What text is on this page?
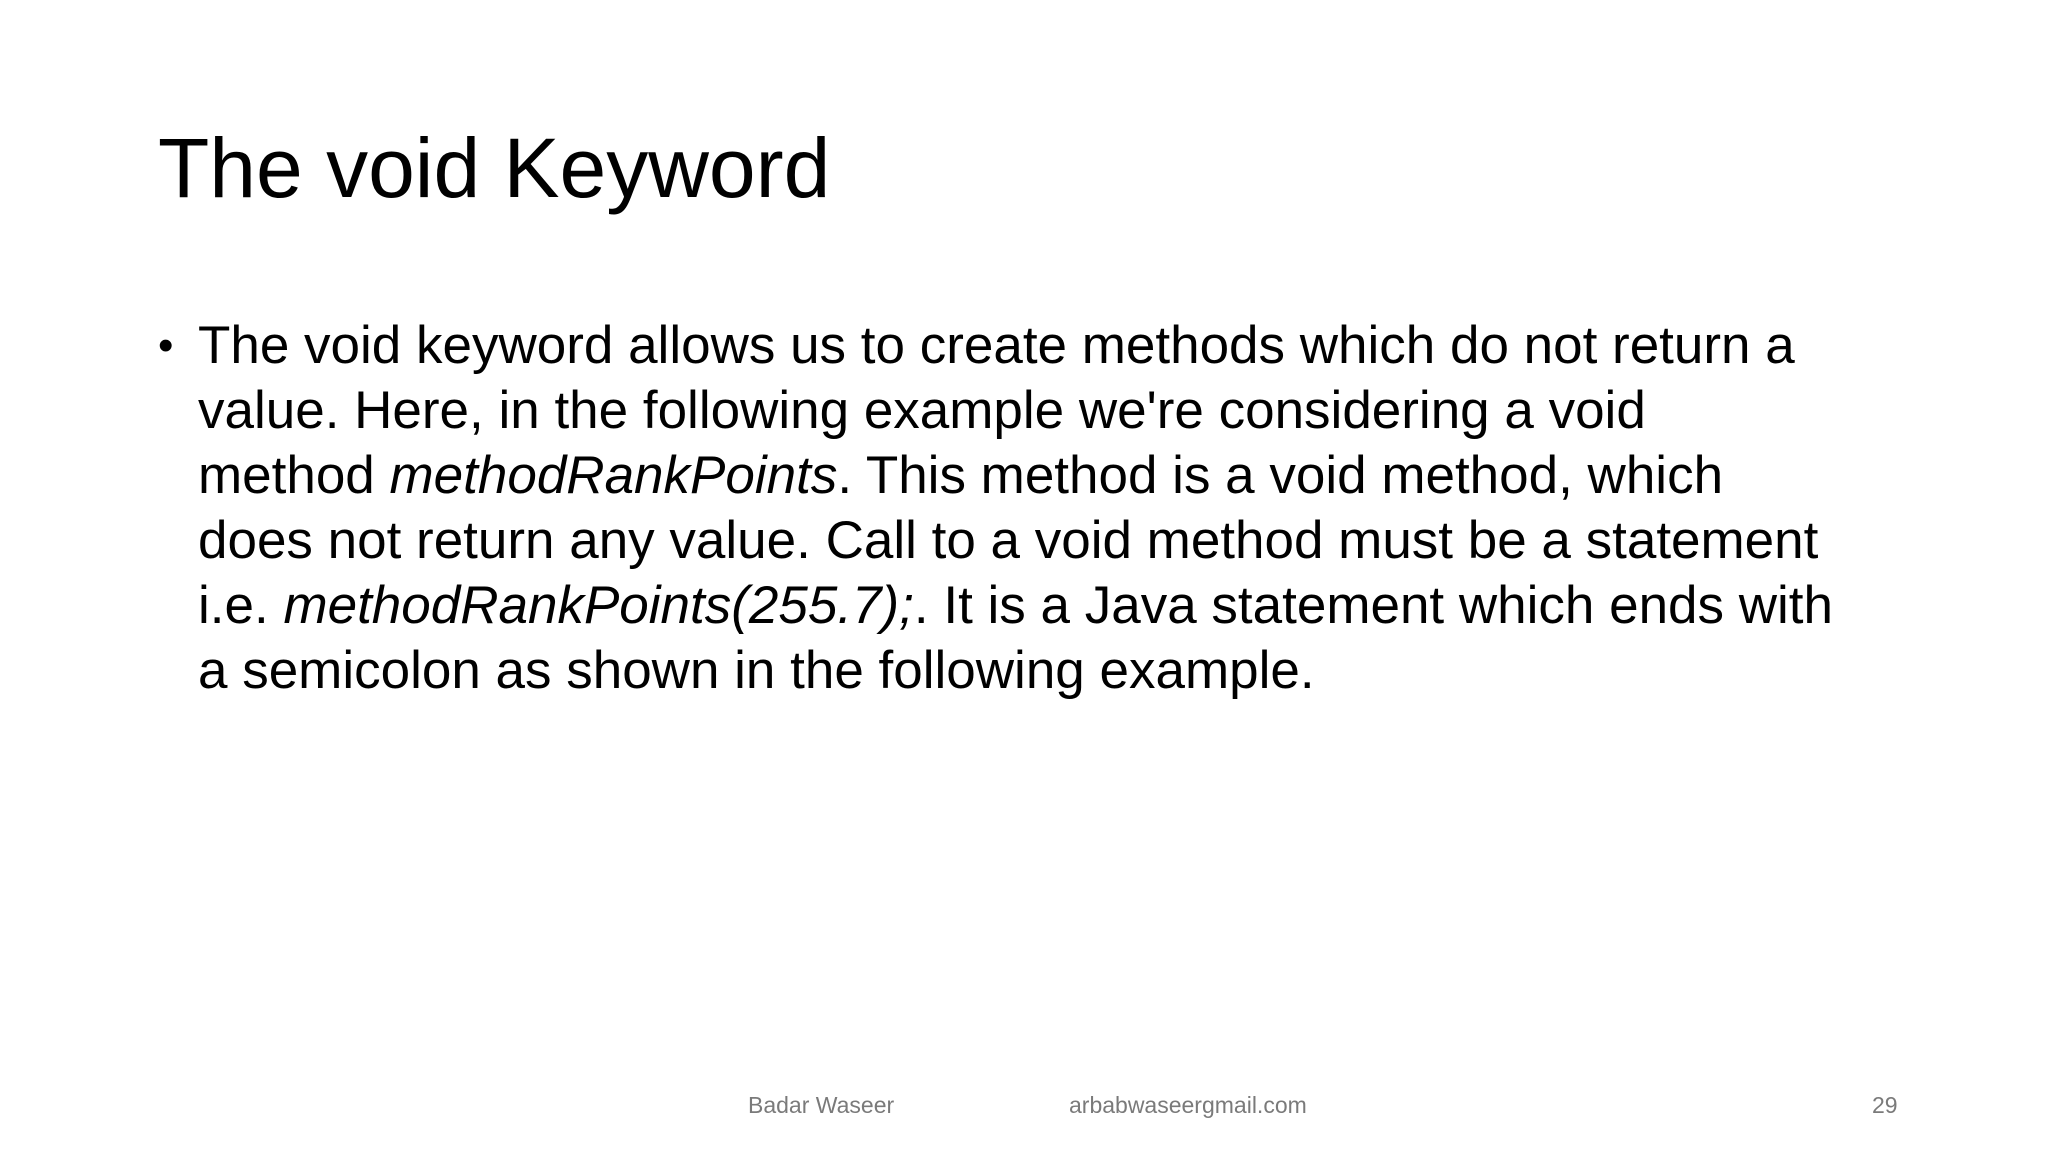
The void Keyword
• The void keyword allows us to create methods which do not return a
value. Here, in the following example we're considering a void
method methodRankPoints. This method is a void method, which
does not return any value. Call to a void method must be a statement
i.e. methodRankPoints(255.7);. It is a Java statement which ends with
a semicolon as shown in the following example.
Badar Waseer	arbabwaseergmail.com	29
